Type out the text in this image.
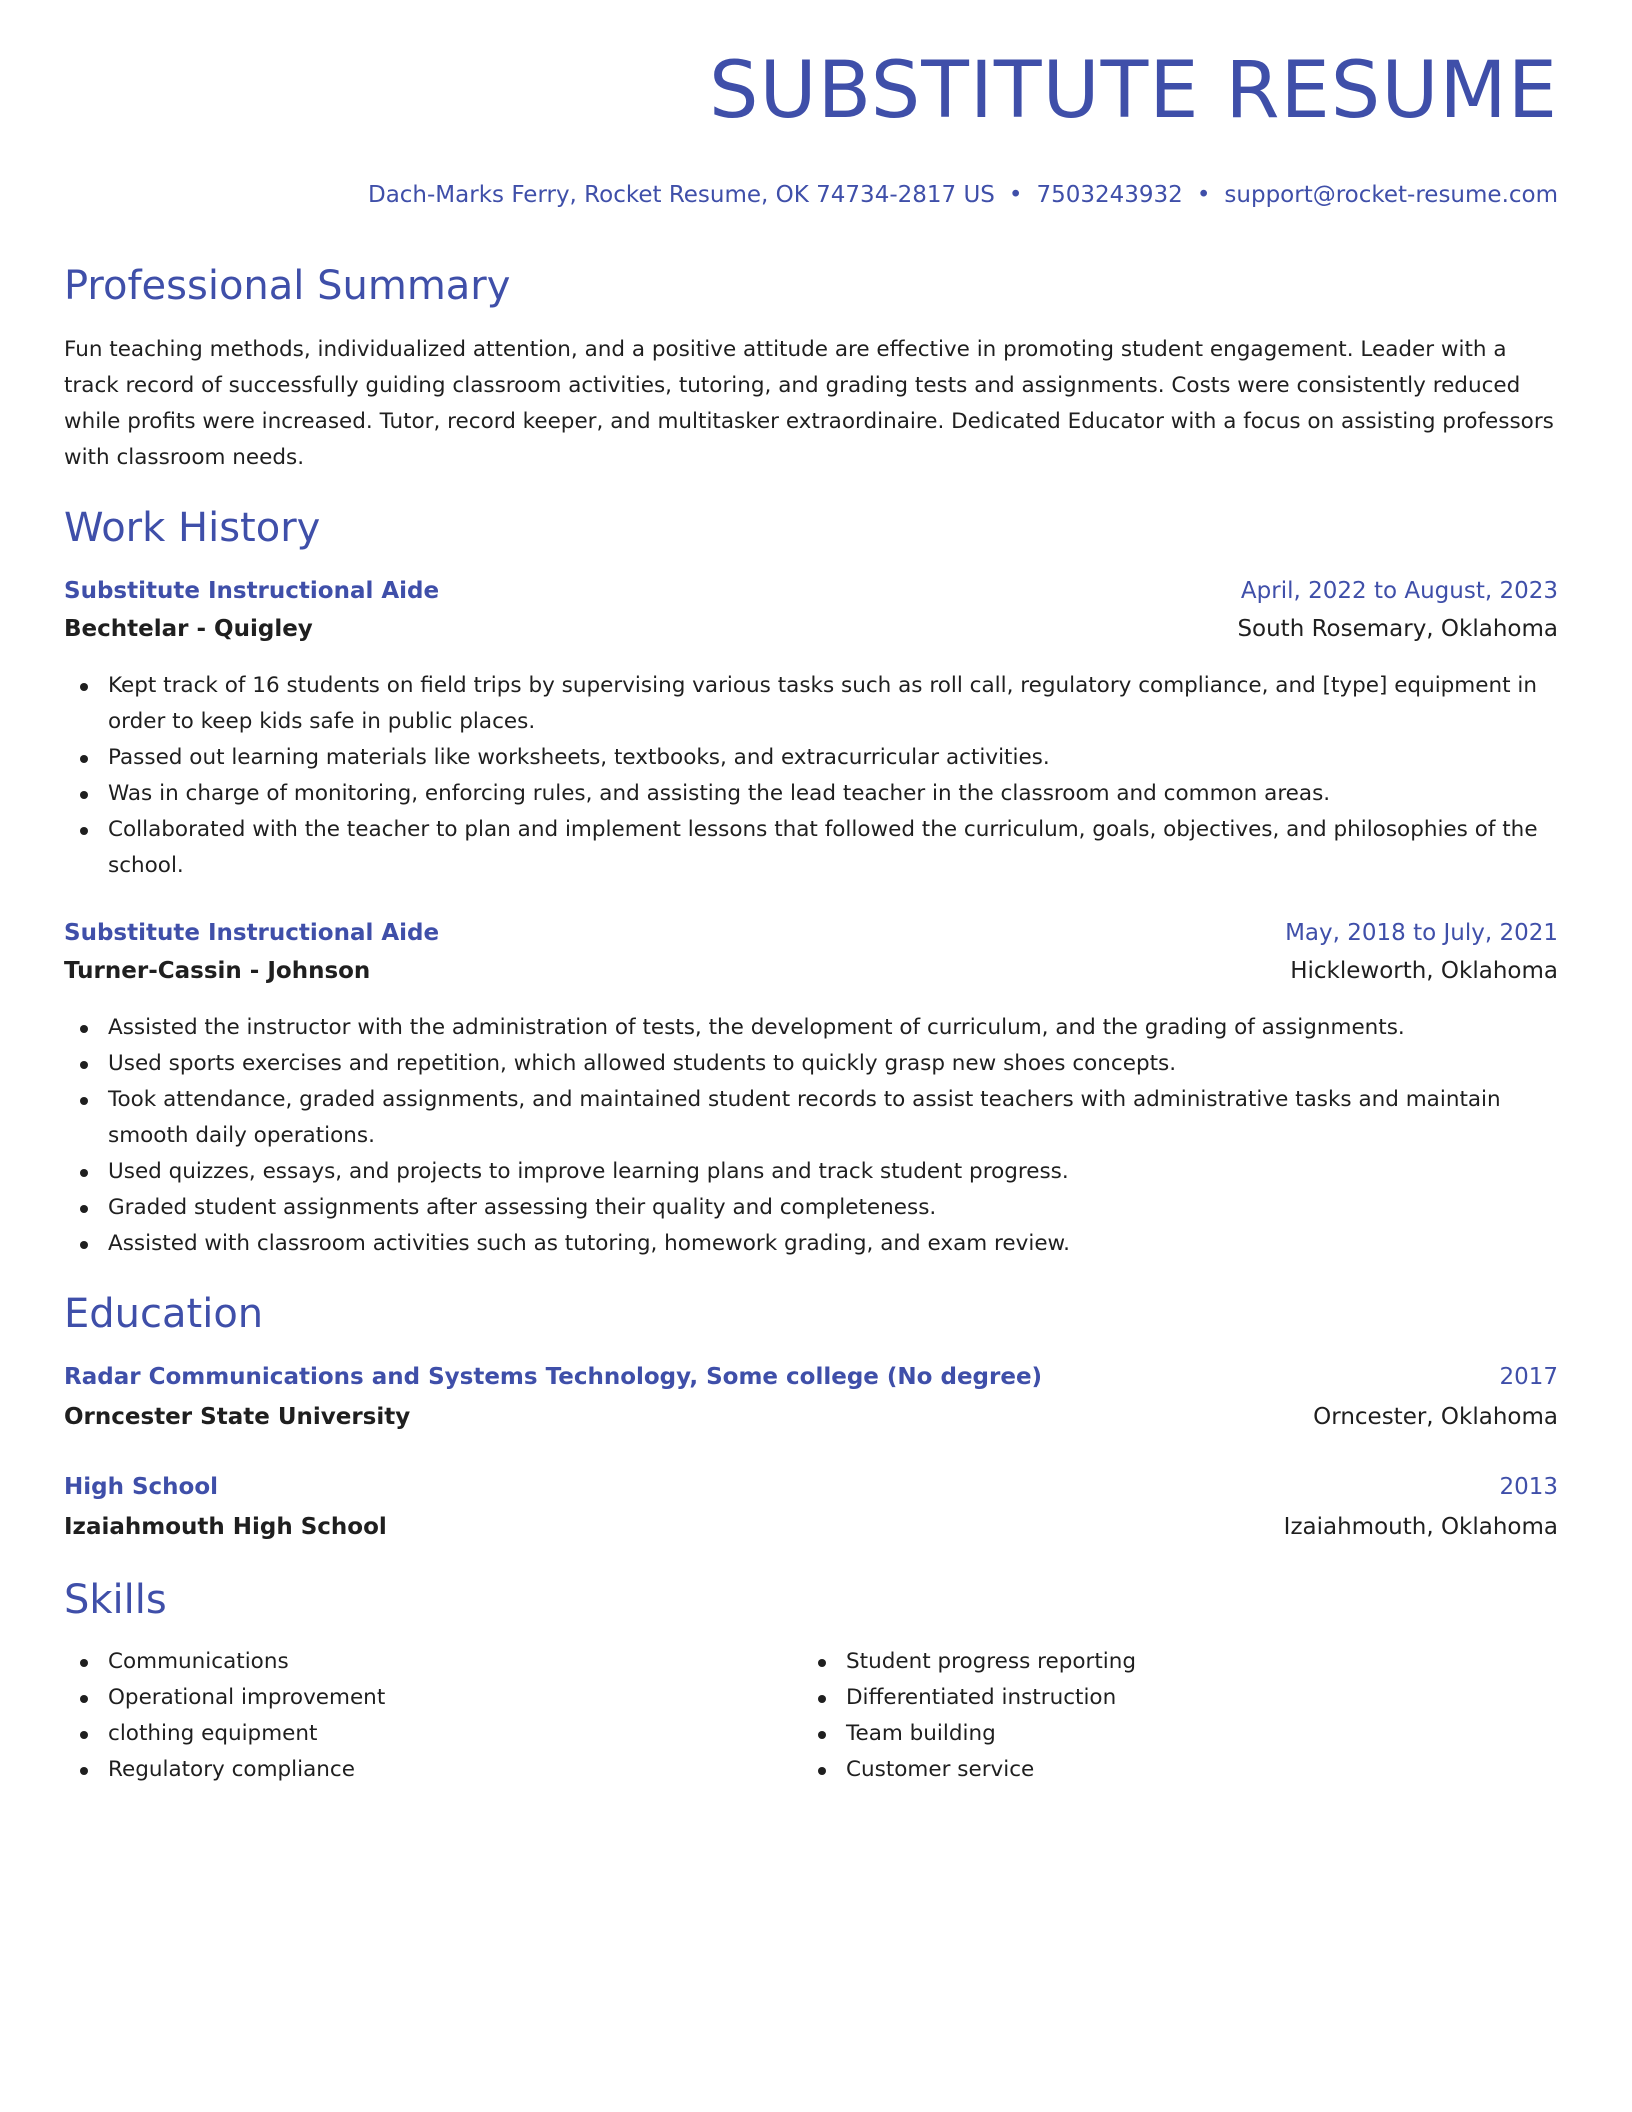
SUBSTITUTE RESUME
Dach-Marks Ferry, Rocket Resume, OK 74734-2817 US • 7503243932 • support@rocket-resume.com
Professional Summary

Fun teaching methods, individualized attention, and a positive attitude are effective in promoting student engagement. Leader with a track record of successfully guiding classroom activities, tutoring, and grading tests and assignments. Costs were consistently reduced while profits were increased. Tutor, record keeper, and multitasker extraordinaire. Dedicated Educator with a focus on assisting professors with classroom needs.

Work History
Substitute Instructional Aide	April, 2022 to August, 2023
Bechtelar - Quigley	South Rosemary, Oklahoma
Kept track of 16 students on field trips by supervising various tasks such as roll call, regulatory compliance, and [type] equipment in order to keep kids safe in public places.
Passed out learning materials like worksheets, textbooks, and extracurricular activities.
Was in charge of monitoring, enforcing rules, and assisting the lead teacher in the classroom and common areas.
Collaborated with the teacher to plan and implement lessons that followed the curriculum, goals, objectives, and philosophies of the school.
Substitute Instructional Aide	May, 2018 to July, 2021
Turner-Cassin - Johnson	Hickleworth, Oklahoma
Assisted the instructor with the administration of tests, the development of curriculum, and the grading of assignments.
Used sports exercises and repetition, which allowed students to quickly grasp new shoes concepts.
Took attendance, graded assignments, and maintained student records to assist teachers with administrative tasks and maintain smooth daily operations.
Used quizzes, essays, and projects to improve learning plans and track student progress.
Graded student assignments after assessing their quality and completeness.
Assisted with classroom activities such as tutoring, homework grading, and exam review.
Education
Radar Communications and Systems Technology, Some college (No degree)	2017
Orncester State University	Orncester, Oklahoma
High School	2013
Izaiahmouth High School	Izaiahmouth, Oklahoma
Skills
Communications
Operational improvement
clothing equipment
Regulatory compliance
Student progress reporting
Differentiated instruction
Team building
Customer service
